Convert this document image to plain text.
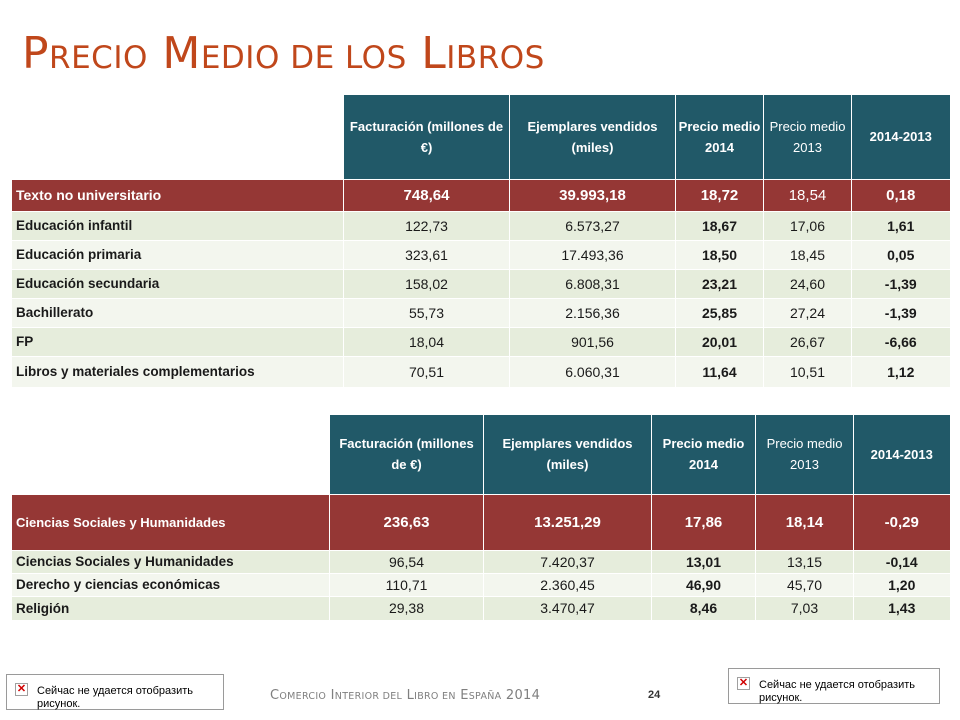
PRECIO MEDIO DE LOS LIBROS
	Facturación (millones de €)	Ejemplares vendidos (miles)	Precio medio 2014	Precio medio 2013	2014-2013
Texto no universitario	748,64	39.993,18	18,72	18,54	0,18
Educación infantil	122,73	6.573,27	18,67	17,06	1,61
Educación primaria	323,61	17.493,36	18,50	18,45	0,05
Educación secundaria	158,02	6.808,31	23,21	24,60	-1,39
Bachillerato	55,73	2.156,36	25,85	27,24	-1,39
FP	18,04	901,56	20,01	26,67	-6,66
Libros y materiales complementarios	70,51	6.060,31	11,64	10,51	1,12

	Facturación (millones de €)	Ejemplares vendidos (miles)	Precio medio 2014	Precio medio 2013	2014-2013
Ciencias Sociales y Humanidades	236,63	13.251,29	17,86	18,14	-0,29
Ciencias Sociales y Humanidades	96,54	7.420,37	13,01	13,15	-0,14
Derecho y ciencias económicas	110,71	2.360,45	46,90	45,70	1,20
Religión	29,38	3.470,47	8,46	7,03	1,43
✕ Сейчас не удается отобразить рисунок.
✕ Сейчас не удается отобразить рисунок.
COMERCIO INTERIOR DEL LIBRO EN ESPAÑA 2014	24
